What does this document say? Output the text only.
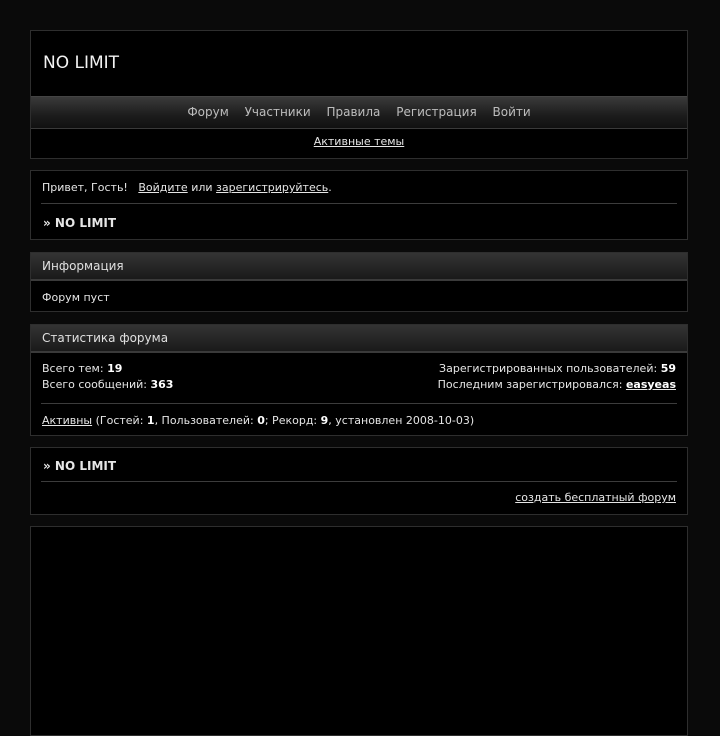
NO LIMIT
Форум Участники Правила Регистрация Войти
Активные темы
Привет, Гость! Войдите или зарегистрируйтесь.
» NO LIMIT
Информация
Форум пуст
Статистика форума
Всего тем: 19	Зарегистрированных пользователей: 59
Всего сообщений: 363	Последним зарегистрировался: easyeas
Активны (Гостей: 1, Пользователей: 0; Рекорд: 9, установлен 2008-10-03)
» NO LIMIT
создать бесплатный форум
